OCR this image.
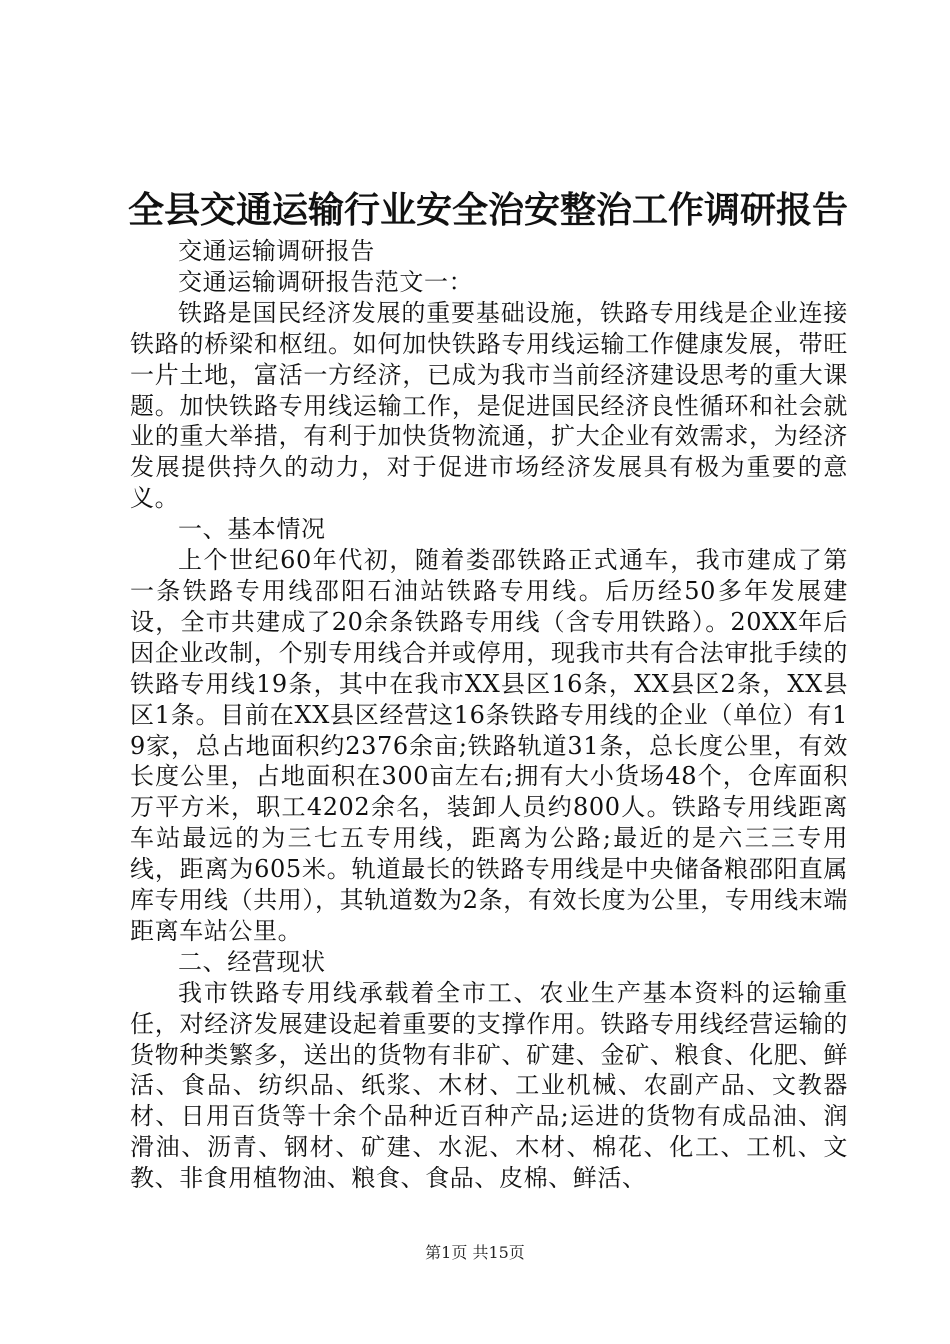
全县交通运输行业安全治安整治工作调研报告

交通运输调研报告

交通运输调研报告范文一：

铁路是国民经济发展的重要基础设施，铁路专用线是企业连接铁路的桥梁和枢纽。如何加快铁路专用线运输工作健康发展，带旺一片土地，富活一方经济，已成为我市当前经济建设思考的重大课题。加快铁路专用线运输工作，是促进国民经济良性循环和社会就业的重大举措，有利于加快货物流通，扩大企业有效需求，为经济发展提供持久的动力，对于促进市场经济发展具有极为重要的意义。

一、基本情况

上个世纪60年代初，随着娄邵铁路正式通车，我市建成了第一条铁路专用线邵阳石油站铁路专用线。后历经50多年发展建设，全市共建成了20余条铁路专用线（含专用铁路）。20XX年后因企业改制，个别专用线合并或停用，现我市共有合法审批手续的铁路专用线19条，其中在我市XX县区16条，XX县区2条，XX县区1条。目前在XX县区经营这16条铁路专用线的企业（单位）有19家，总占地面积约2376余亩;铁路轨道31条，总长度公里，有效长度公里，占地面积在300亩左右;拥有大小货场48个，仓库面积万平方米，职工4202余名，装卸人员约800人。铁路专用线距离车站最远的为三七五专用线，距离为公路;最近的是六三三专用线，距离为605米。轨道最长的铁路专用线是中央储备粮邵阳直属库专用线（共用），其轨道数为2条，有效长度为公里，专用线末端距离车站公里。

二、经营现状

我市铁路专用线承载着全市工、农业生产基本资料的运输重任，对经济发展建设起着重要的支撑作用。铁路专用线经营运输的货物种类繁多，送出的货物有非矿、矿建、金矿、粮食、化肥、鲜活、食品、纺织品、纸浆、木材、工业机械、农副产品、文教器材、日用百货等十余个品种近百种产品;运进的货物有成品油、润滑油、沥青、钢材、矿建、水泥、木材、棉花、化工、工机、文教、非食用植物油、粮食、食品、皮棉、鲜活、

第1页 共15页
